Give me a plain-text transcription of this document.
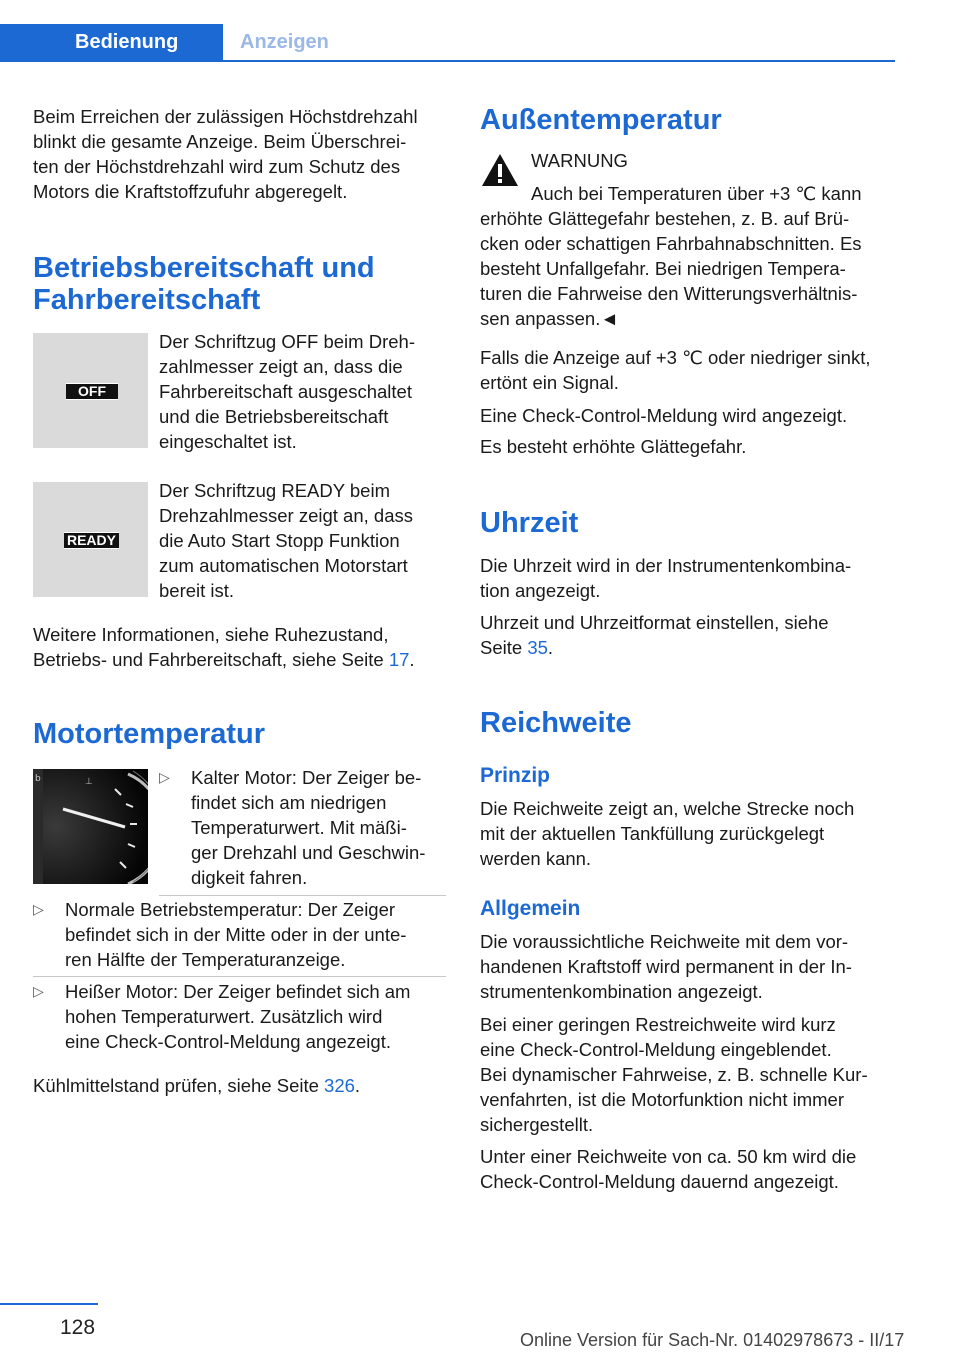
Bedienung	Anzeigen

Beim Erreichen der zulässigen Höchstdrehzahl
blinkt die gesamte Anzeige. Beim Überschrei-
ten der Höchstdrehzahl wird zum Schutz des
Motors die Kraftstoffzufuhr abgeregelt.

Betriebsbereitschaft und
Fahrbereitschaft
OFF

Der Schriftzug OFF beim Dreh-
zahlmesser zeigt an, dass die
Fahrbereitschaft ausgeschaltet
und die Betriebsbereitschaft
eingeschaltet ist.

READY

Der Schriftzug READY beim
Drehzahlmesser zeigt an, dass
die Auto Start Stopp Funktion
zum automatischen Motorstart
bereit ist.

Weitere Informationen, siehe Ruhezustand,
Betriebs- und Fahrbereitschaft, siehe Seite 17.

Motortemperatur
⊥
b	▷	Kalter Motor: Der Zeiger be-
findet sich am niedrigen
Temperaturwert. Mit mäßi-
ger Drehzahl und Geschwin-
digkeit fahren.

▷	Normale Betriebstemperatur: Der Zeiger
befindet sich in der Mitte oder in der unte-
ren Hälfte der Temperaturanzeige.

▷	Heißer Motor: Der Zeiger befindet sich am
hohen Temperaturwert. Zusätzlich wird
eine Check-Control-Meldung angezeigt.

Kühlmittelstand prüfen, siehe Seite 326.

Außentemperatur

WARNUNG

Auch bei Temperaturen über +3 ℃ kann

erhöhte Glättegefahr bestehen, z. B. auf Brü-
cken oder schattigen Fahrbahnabschnitten. Es
besteht Unfallgefahr. Bei niedrigen Tempera-
turen die Fahrweise den Witterungsverhältnis-
sen anpassen.◄

Falls die Anzeige auf +3 ℃ oder niedriger sinkt,
ertönt ein Signal.

Eine Check-Control-Meldung wird angezeigt.

Es besteht erhöhte Glättegefahr.

Uhrzeit

Die Uhrzeit wird in der Instrumentenkombina-
tion angezeigt.

Uhrzeit und Uhrzeitformat einstellen, siehe
Seite 35.

Reichweite
Prinzip

Die Reichweite zeigt an, welche Strecke noch
mit der aktuellen Tankfüllung zurückgelegt
werden kann.

Allgemein

Die voraussichtliche Reichweite mit dem vor-
handenen Kraftstoff wird permanent in der In-
strumentenkombination angezeigt.

Bei einer geringen Restreichweite wird kurz
eine Check-Control-Meldung eingeblendet.
Bei dynamischer Fahrweise, z. B. schnelle Kur-
venfahrten, ist die Motorfunktion nicht immer
sichergestellt.

Unter einer Reichweite von ca. 50 km wird die
Check-Control-Meldung dauernd angezeigt.

128
Online Version für Sach-Nr. 01402978673 - II/17
